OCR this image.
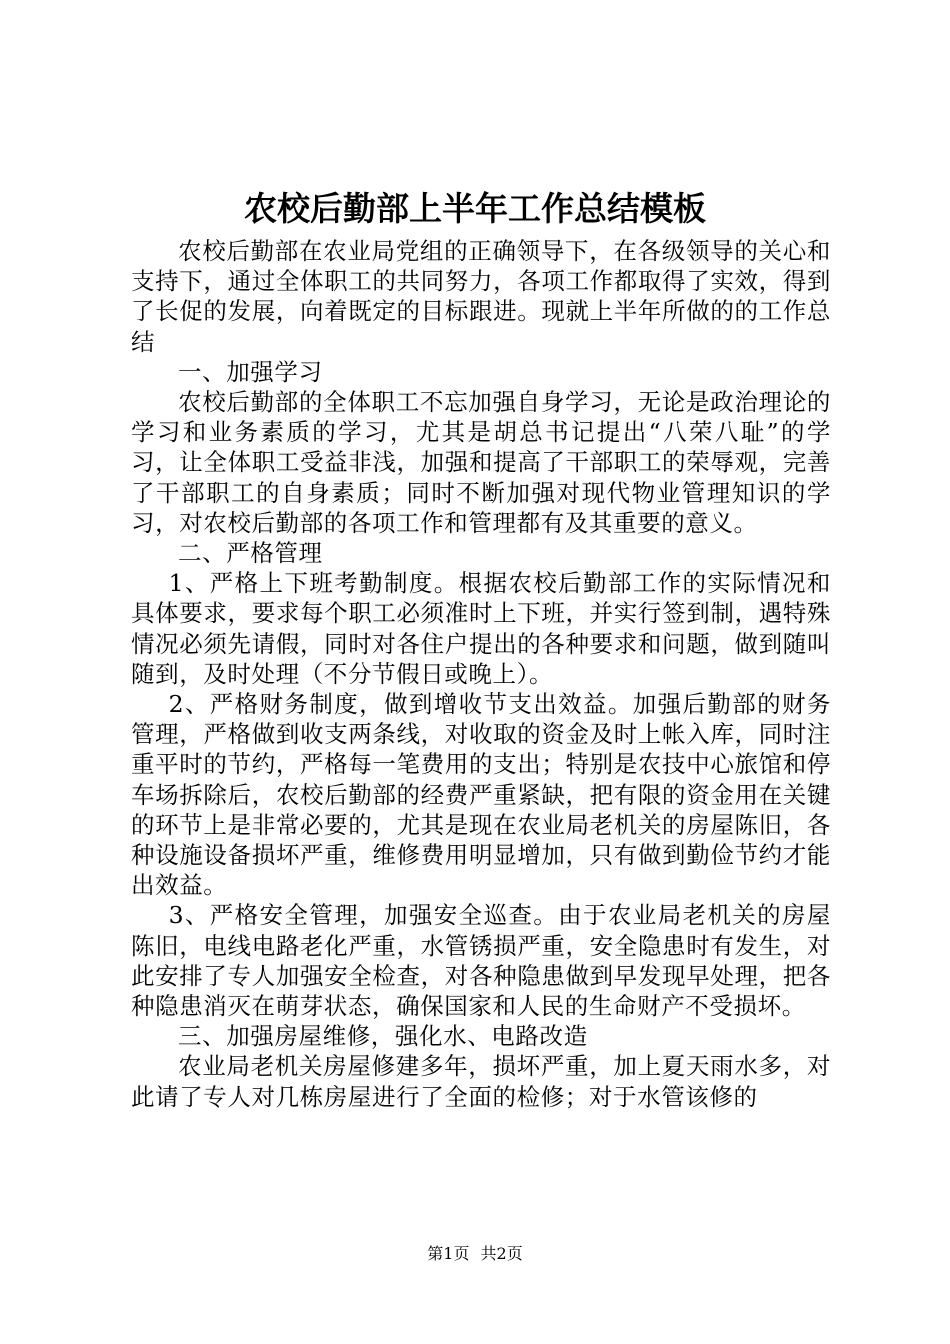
农校后勤部上半年工作总结模板

农校后勤部在农业局党组的正确领导下，在各级领导的关心和支持下，通过全体职工的共同努力，各项工作都取得了实效，得到了长促的发展，向着既定的目标跟进。现就上半年所做的的工作总结

一、加强学习

农校后勤部的全体职工不忘加强自身学习，无论是政治理论的学习和业务素质的学习，尤其是胡总书记提出“八荣八耻”的学习，让全体职工受益非浅，加强和提高了干部职工的荣辱观，完善了干部职工的自身素质；同时不断加强对现代物业管理知识的学习，对农校后勤部的各项工作和管理都有及其重要的意义。

二、严格管理

1、严格上下班考勤制度。根据农校后勤部工作的实际情况和具体要求，要求每个职工必须准时上下班，并实行签到制，遇特殊情况必须先请假，同时对各住户提出的各种要求和问题，做到随叫随到，及时处理（不分节假日或晚上）。

2、严格财务制度，做到增收节支出效益。加强后勤部的财务管理，严格做到收支两条线，对收取的资金及时上帐入库，同时注重平时的节约，严格每一笔费用的支出；特别是农技中心旅馆和停车场拆除后，农校后勤部的经费严重紧缺，把有限的资金用在关键的环节上是非常必要的，尤其是现在农业局老机关的房屋陈旧，各种设施设备损坏严重，维修费用明显增加，只有做到勤俭节约才能出效益。

3、严格安全管理，加强安全巡查。由于农业局老机关的房屋陈旧，电线电路老化严重，水管锈损严重，安全隐患时有发生，对此安排了专人加强安全检查，对各种隐患做到早发现早处理，把各种隐患消灭在萌芽状态，确保国家和人民的生命财产不受损坏。

三、加强房屋维修，强化水、电路改造

农业局老机关房屋修建多年，损坏严重，加上夏天雨水多，对此请了专人对几栋房屋进行了全面的检修；对于水管该修的

第1页 共2页
